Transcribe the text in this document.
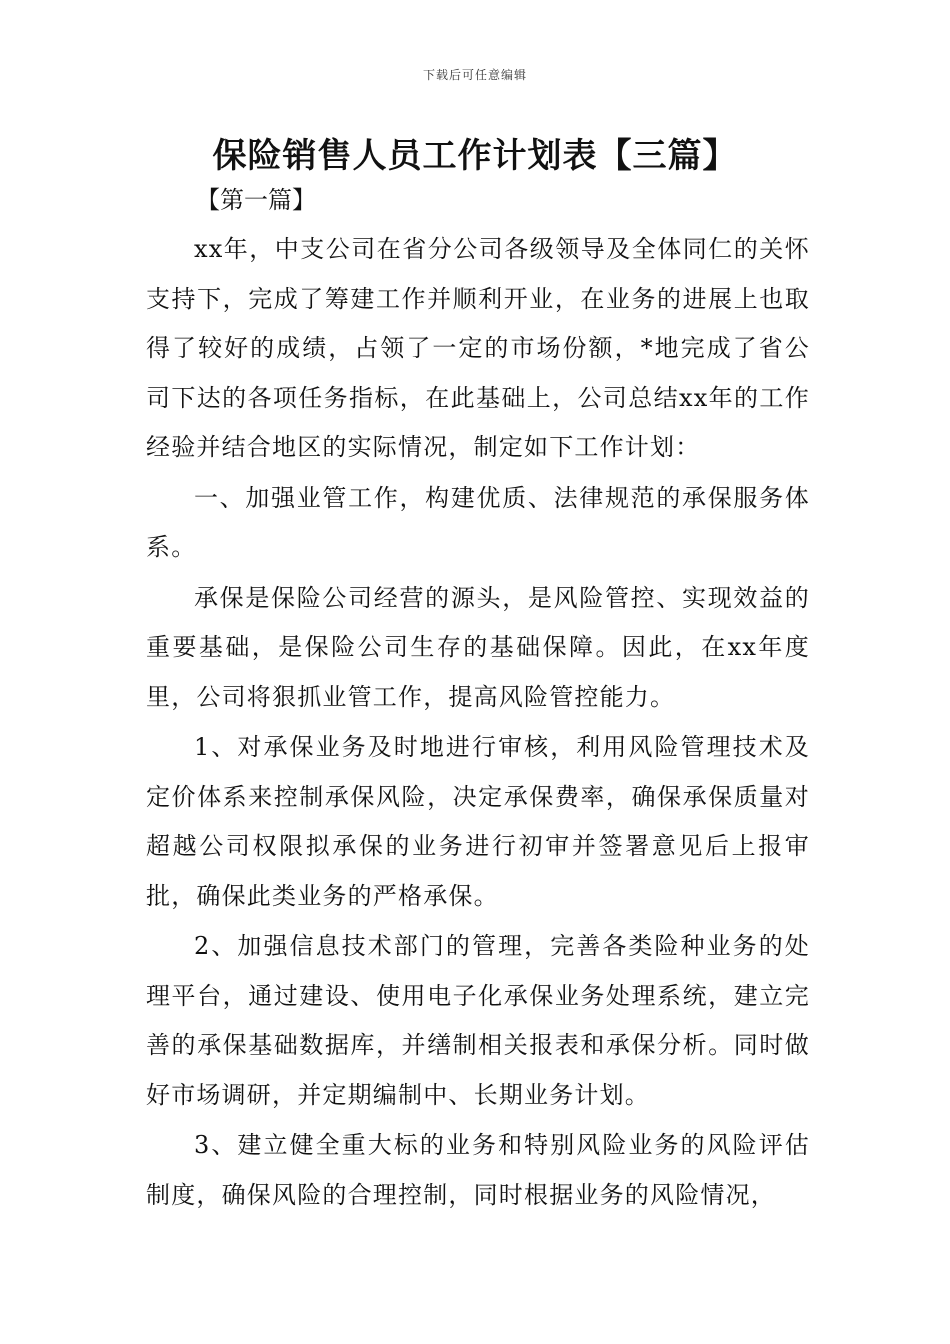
下载后可任意编辑
保险销售人员工作计划表【三篇】
【第一篇】

xx年，中支公司在省分公司各级领导及全体同仁的关怀支持下，完成了筹建工作并顺利开业，在业务的进展上也取得了较好的成绩，占领了一定的市场份额，*地完成了省公司下达的各项任务指标，在此基础上，公司总结xx年的工作经验并结合地区的实际情况，制定如下工作计划：

一、加强业管工作，构建优质、法律规范的承保服务体系。

承保是保险公司经营的源头，是风险管控、实现效益的重要基础，是保险公司生存的基础保障。因此，在xx年度里，公司将狠抓业管工作，提高风险管控能力。

1、对承保业务及时地进行审核，利用风险管理技术及定价体系来控制承保风险，决定承保费率，确保承保质量对超越公司权限拟承保的业务进行初审并签署意见后上报审批，确保此类业务的严格承保。

2、加强信息技术部门的管理，完善各类险种业务的处理平台，通过建设、使用电子化承保业务处理系统，建立完善的承保基础数据库，并缮制相关报表和承保分析。同时做好市场调研，并定期编制中、长期业务计划。

3、建立健全重大标的业务和特别风险业务的风险评估制度，确保风险的合理控制，同时根据业务的风险情况，
